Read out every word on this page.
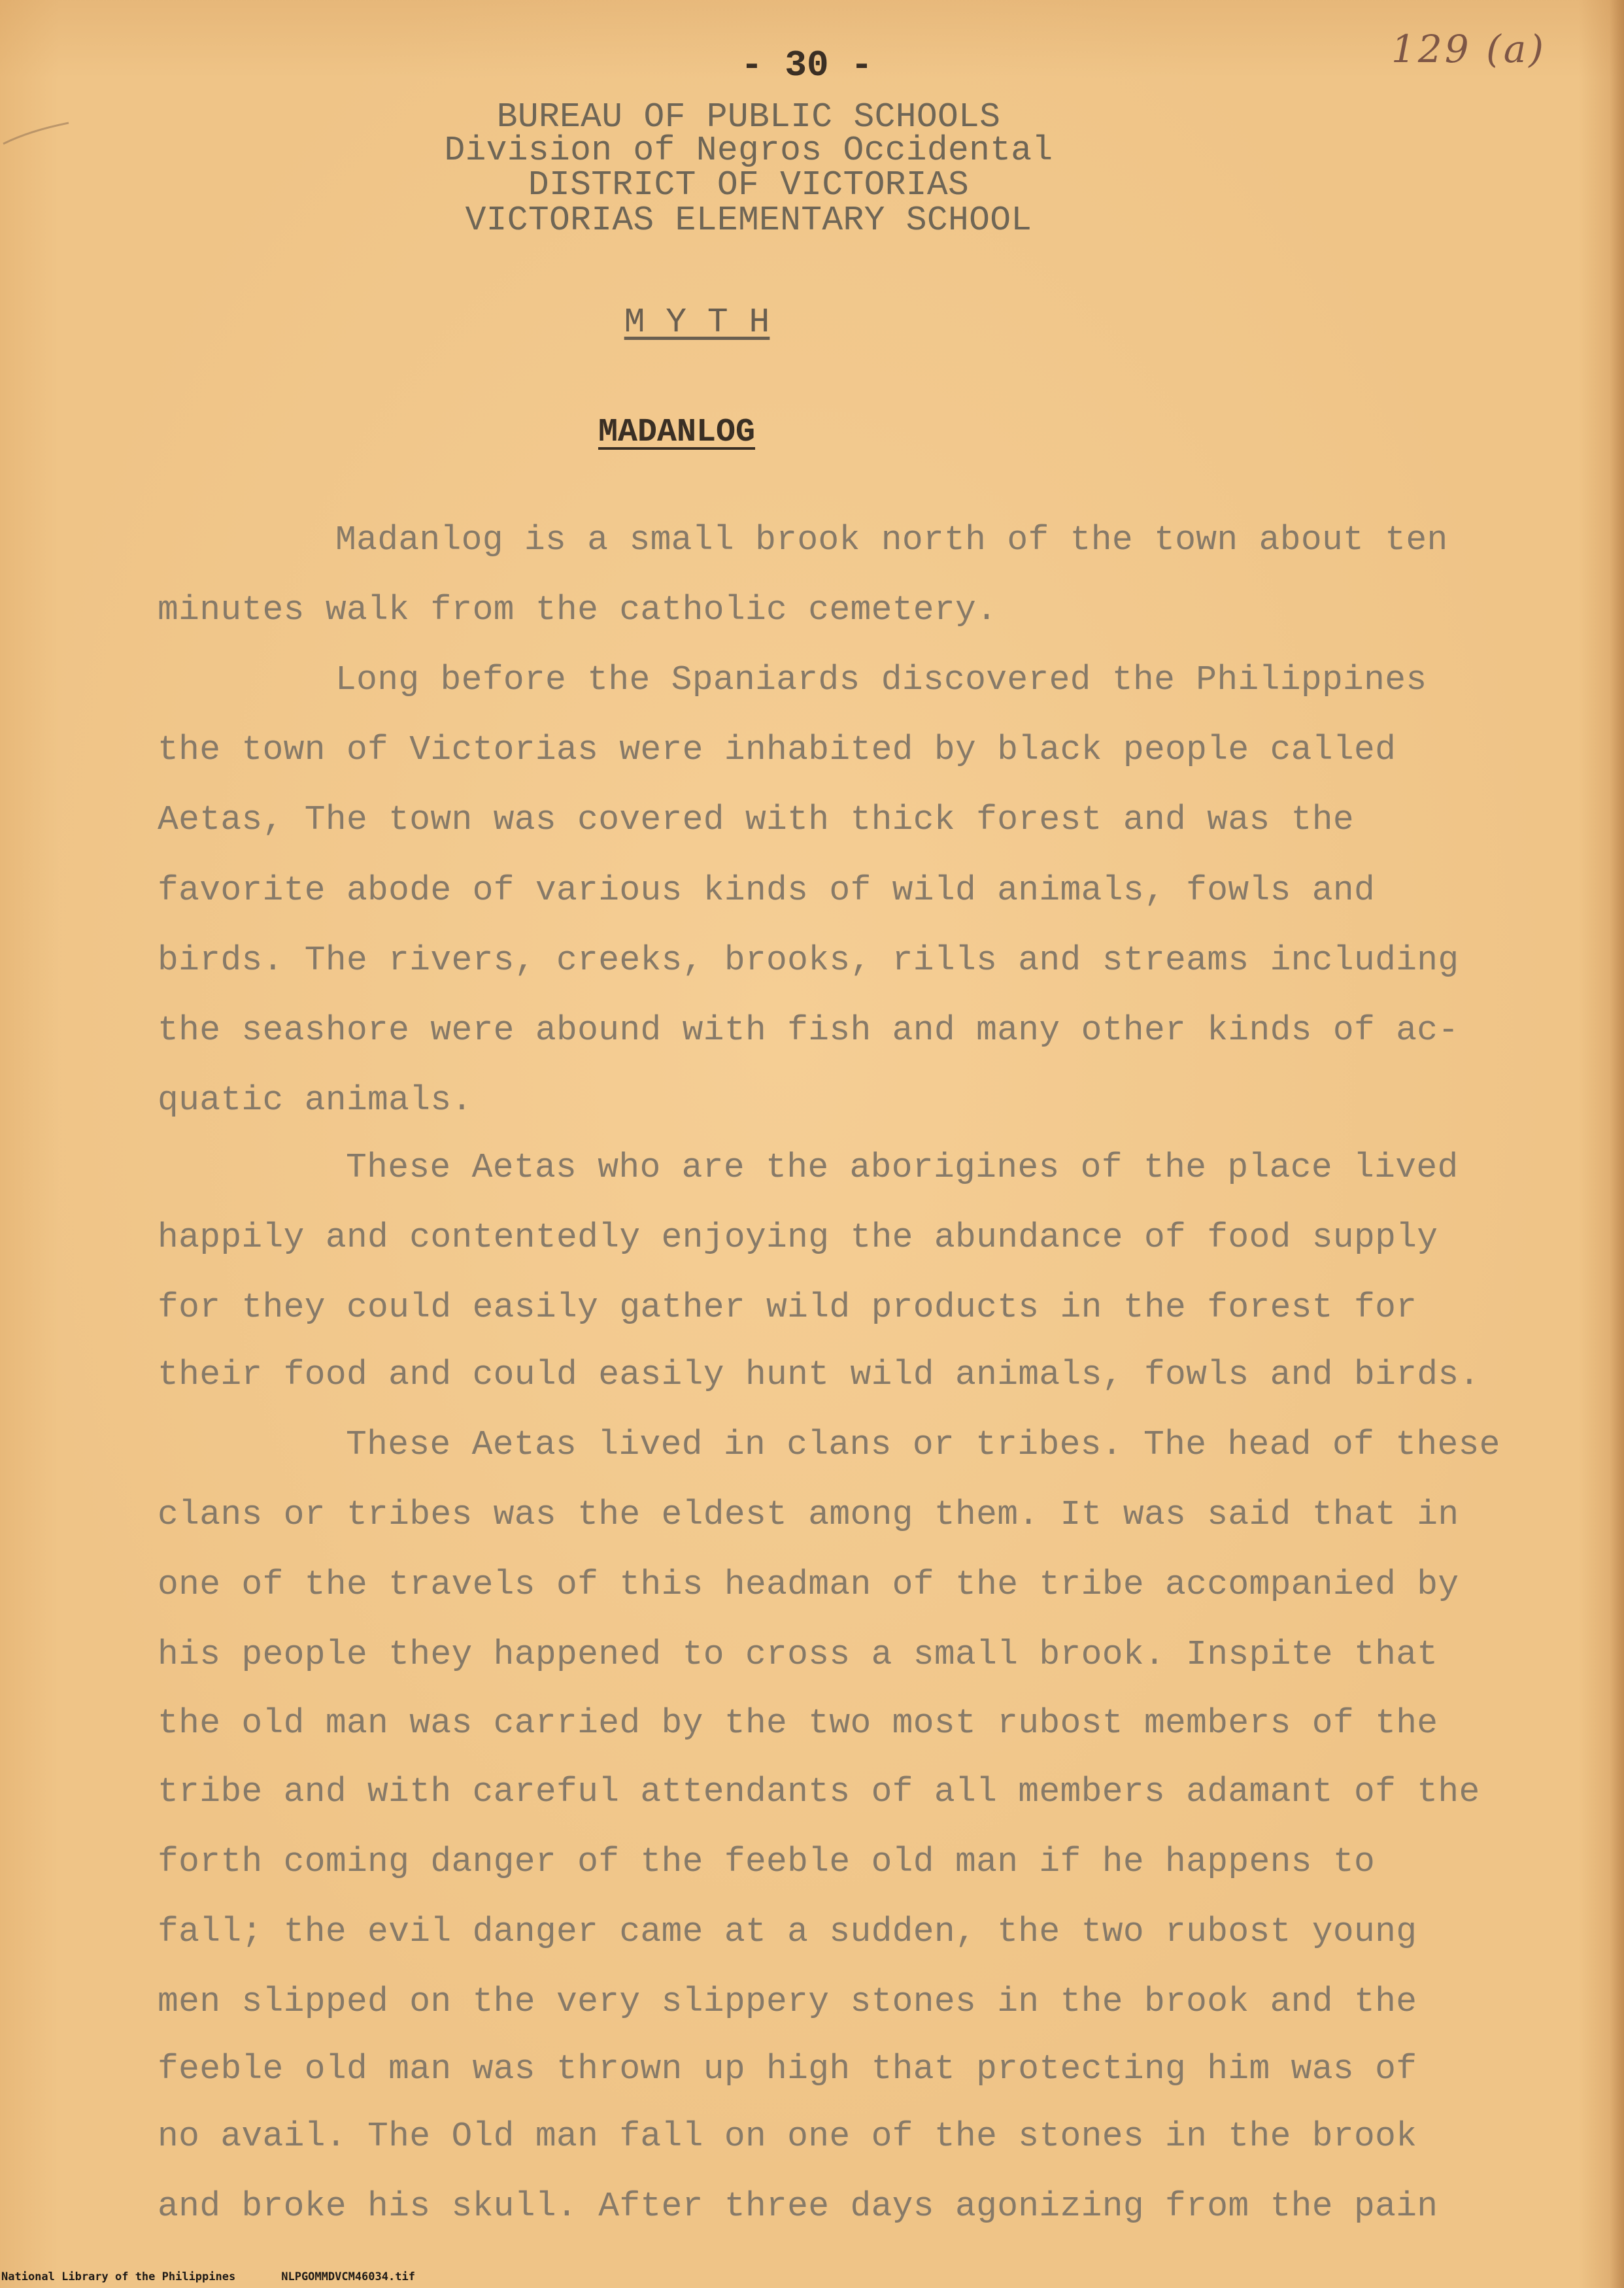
- 30 -	129 (a)
BUREAU OF PUBLIC SCHOOLS
Division of Negros Occidental
DISTRICT OF VICTORIAS
VICTORIAS ELEMENTARY SCHOOL
M Y T H
MADANLOG
Madanlog is a small brook north of the town about ten
minutes walk from the catholic cemetery.
Long before the Spaniards discovered the Philippines
the town of Victorias were inhabited by black people called
Aetas, The town was covered with thick forest and was the
favorite abode of various kinds of wild animals, fowls and
birds. The rivers, creeks, brooks, rills and streams including
the seashore were abound with fish and many other kinds of ac-
quatic animals.
These Aetas who are the aborigines of the place lived
happily and contentedly enjoying the abundance of food supply
for they could easily gather wild products in the forest for
their food and could easily hunt wild animals, fowls and birds.
These Aetas lived in clans or tribes. The head of these
clans or tribes was the eldest among them. It was said that in
one of the travels of this headman of the tribe accompanied by
his people they happened to cross a small brook. Inspite that
the old man was carried by the two most rubost members of the
tribe and with careful attendants of all members adamant of the
forth coming danger of the feeble old man if he happens to
fall; the evil danger came at a sudden, the two rubost young
men slipped on the very slippery stones in the brook and the
feeble old man was thrown up high that protecting him was of
no avail. The Old man fall on one of the stones in the brook
and broke his skull. After three days agonizing from the pain
National Library of the Philippines	NLPGOMMDVCM46034.tif
